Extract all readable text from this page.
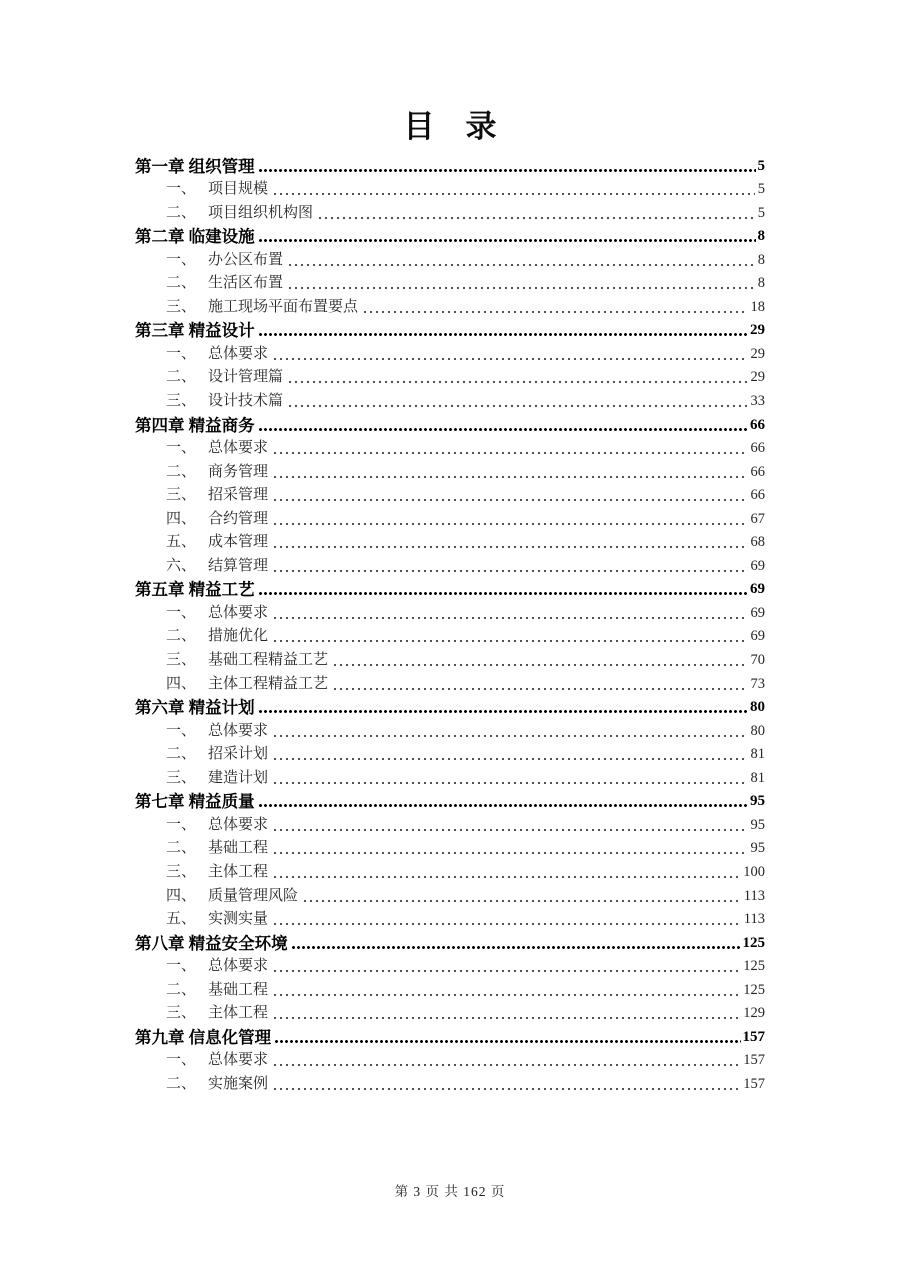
目　录
第一章 组织管理	5
一、 项目规模	5
二、 项目组织机构图	5
第二章 临建设施	8
一、 办公区布置	8
二、 生活区布置	8
三、 施工现场平面布置要点	18
第三章 精益设计	29
一、 总体要求	29
二、 设计管理篇	29
三、 设计技术篇	33
第四章 精益商务	66
一、 总体要求	66
二、 商务管理	66
三、 招采管理	66
四、 合约管理	67
五、 成本管理	68
六、 结算管理	69
第五章 精益工艺	69
一、 总体要求	69
二、 措施优化	69
三、 基础工程精益工艺	70
四、 主体工程精益工艺	73
第六章 精益计划	80
一、 总体要求	80
二、 招采计划	81
三、 建造计划	81
第七章 精益质量	95
一、 总体要求	95
二、 基础工程	95
三、 主体工程	100
四、 质量管理风险	113
五、 实测实量	113
第八章 精益安全环境	125
一、 总体要求	125
二、 基础工程	125
三、 主体工程	129
第九章 信息化管理	157
一、 总体要求	157
二、 实施案例	157
第 3 页 共 162 页
